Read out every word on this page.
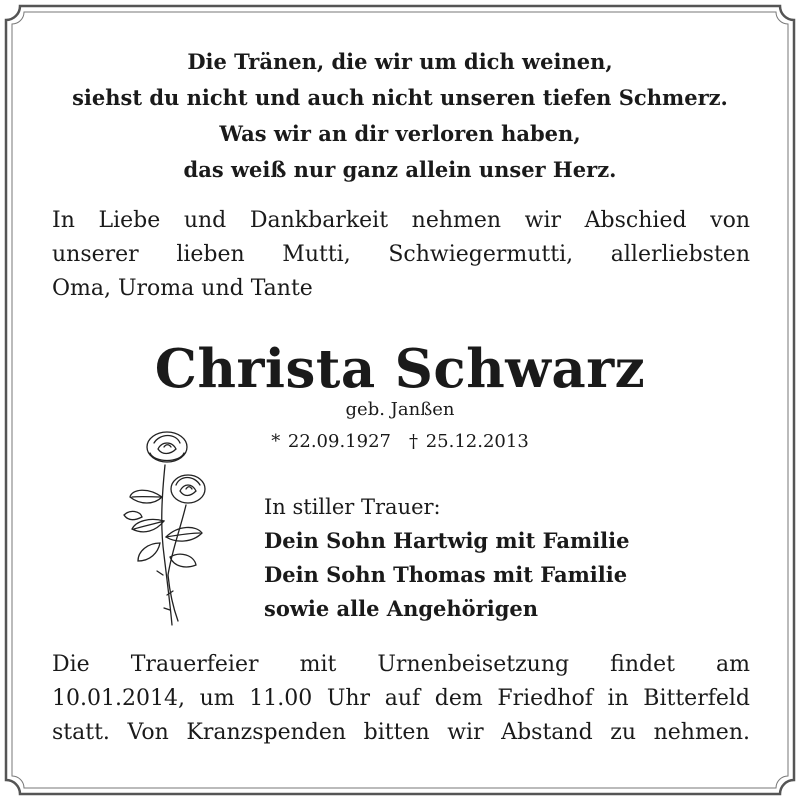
Die Tränen, die wir um dich weinen,
siehst du nicht und auch nicht unseren tiefen Schmerz.
Was wir an dir verloren haben,
das weiß nur ganz allein unser Herz.
In Liebe und Dankbarkeit nehmen wir Abschied von
unserer lieben Mutti, Schwiegermutti, allerliebsten
Oma, Uroma und Tante
Christa Schwarz
geb. Janßen
* 22.09.1927 † 25.12.2013
In stiller Trauer:
Dein Sohn Hartwig mit Familie
Dein Sohn Thomas mit Familie
sowie alle Angehörigen
Die Trauerfeier mit Urnenbeisetzung findet am
10.01.2014, um 11.00 Uhr auf dem Friedhof in Bitterfeld
statt. Von Kranzspenden bitten wir Abstand zu nehmen.
